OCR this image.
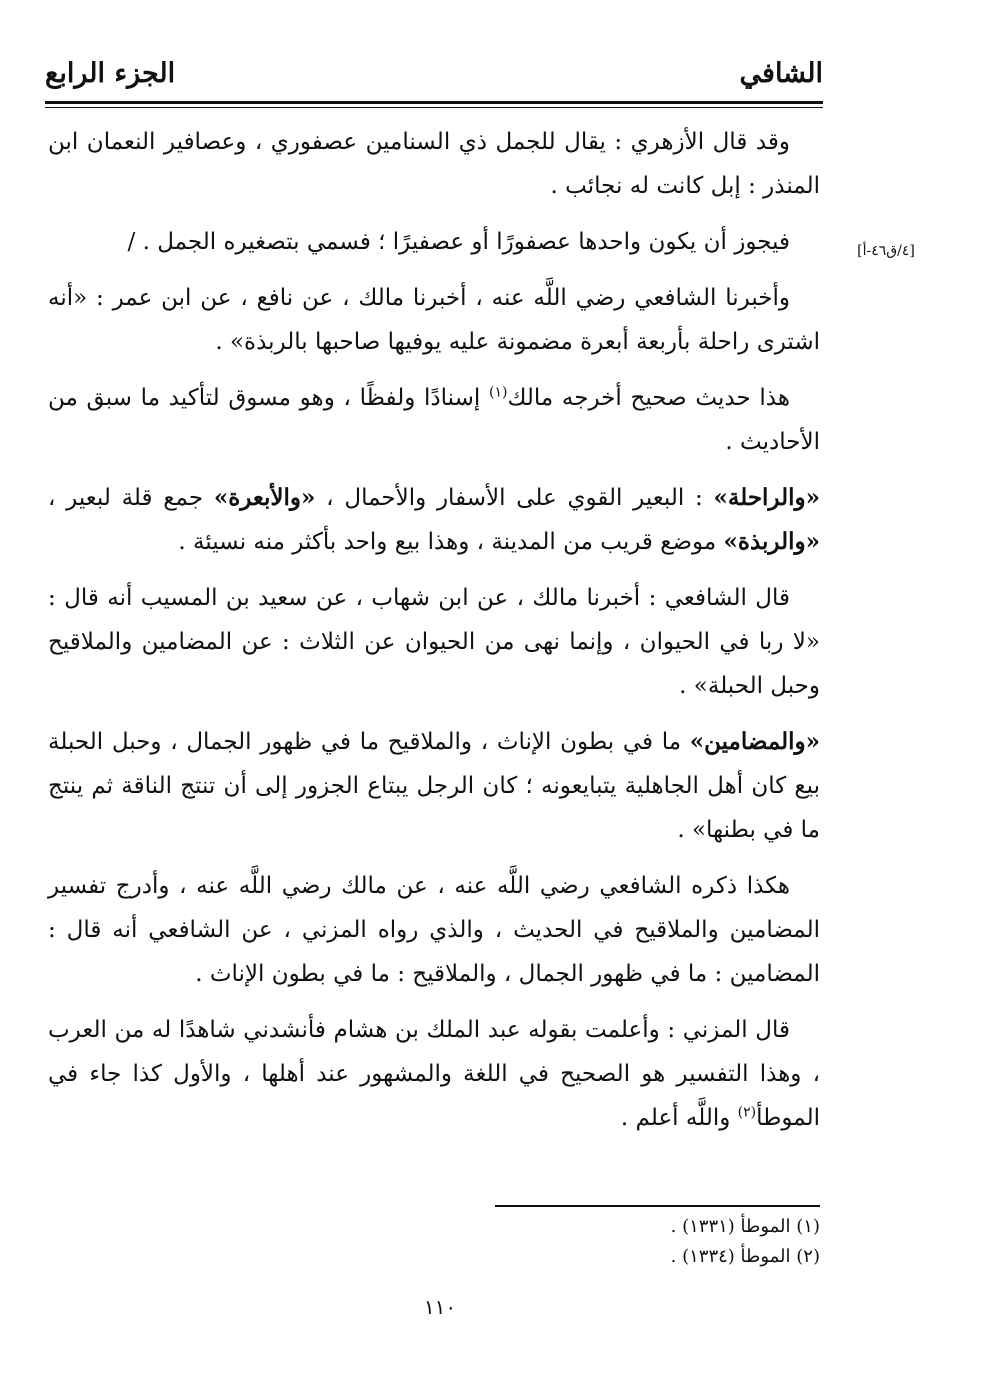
الشافي
الجزء الرابع
[٤/ق٤٦-أ]

وقد قال الأزهري : يقال للجمل ذي السنامين عصفوري ، وعصافير النعمان ابن المنذر : إبل كانت له نجائب .

فيجوز أن يكون واحدها عصفورًا أو عصفيرًا ؛ فسمي بتصغيره الجمل . /

وأخبرنا الشافعي رضي اللَّه عنه ، أخبرنا مالك ، عن نافع ، عن ابن عمر : «أنه اشترى راحلة بأربعة أبعرة مضمونة عليه يوفيها صاحبها بالربذة» .

هذا حديث صحيح أخرجه مالك$^{(١)}$ إسنادًا ولفظًا ، وهو مسوق لتأكيد ما سبق من الأحاديث .

«والراحلة» : البعير القوي على الأسفار والأحمال ، «والأبعرة» جمع قلة لبعير ، «والربذة» موضع قريب من المدينة ، وهذا بيع واحد بأكثر منه نسيئة .

قال الشافعي : أخبرنا مالك ، عن ابن شهاب ، عن سعيد بن المسيب أنه قال : «لا ربا في الحيوان ، وإنما نهى من الحيوان عن الثلاث : عن المضامين والملاقيح وحبل الحبلة» .

«والمضامين» ما في بطون الإناث ، والملاقيح ما في ظهور الجمال ، وحبل الحبلة بيع كان أهل الجاهلية يتبايعونه ؛ كان الرجل يبتاع الجزور إلى أن تنتج الناقة ثم ينتج ما في بطنها» .

هكذا ذكره الشافعي رضي اللَّه عنه ، عن مالك رضي اللَّه عنه ، وأدرج تفسير المضامين والملاقيح في الحديث ، والذي رواه المزني ، عن الشافعي أنه قال : المضامين : ما في ظهور الجمال ، والملاقيح : ما في بطون الإناث .

قال المزني : وأعلمت بقوله عبد الملك بن هشام فأنشدني شاهدًا له من العرب ، وهذا التفسير هو الصحيح في اللغة والمشهور عند أهلها ، والأول كذا جاء في الموطأ$^{(٢)}$ واللَّه أعلم .

(١) الموطأ (١٣٣١) .
(٢) الموطأ (١٣٣٤) .
١١٠
